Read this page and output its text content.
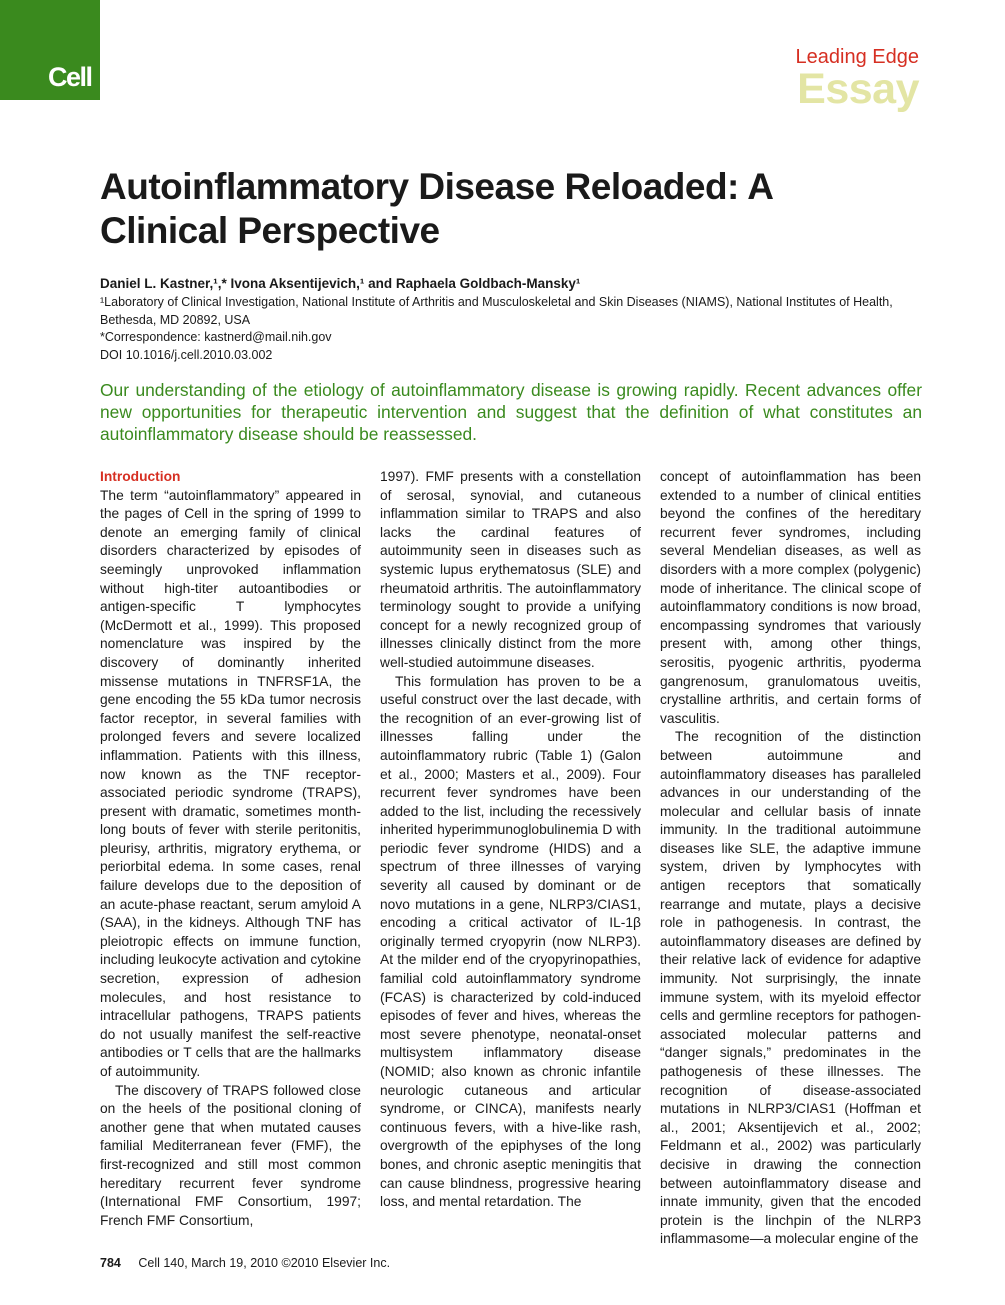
Cell
Leading Edge
Essay
Autoinflammatory Disease Reloaded: A Clinical Perspective
Daniel L. Kastner,¹,* Ivona Aksentijevich,¹ and Raphaela Goldbach-Mansky¹
¹Laboratory of Clinical Investigation, National Institute of Arthritis and Musculoskeletal and Skin Diseases (NIAMS), National Institutes of Health, Bethesda, MD 20892, USA
*Correspondence: kastnerd@mail.nih.gov
DOI 10.1016/j.cell.2010.03.002
Our understanding of the etiology of autoinflammatory disease is growing rapidly. Recent advances offer new opportunities for therapeutic intervention and suggest that the definition of what constitutes an autoinflammatory disease should be reassessed.
Introduction

The term “autoinflammatory” appeared in the pages of Cell in the spring of 1999 to denote an emerging family of clinical disorders characterized by episodes of seemingly unprovoked inflammation without high-titer autoantibodies or antigen-specific T lymphocytes (McDermott et al., 1999). This proposed nomenclature was inspired by the discovery of dominantly inherited missense mutations in TNFRSF1A, the gene encoding the 55 kDa tumor necrosis factor receptor, in several families with prolonged fevers and severe localized inflammation. Patients with this illness, now known as the TNF receptor-associated periodic syndrome (TRAPS), present with dramatic, sometimes month-long bouts of fever with sterile peritonitis, pleurisy, arthritis, migratory erythema, or periorbital edema. In some cases, renal failure develops due to the deposition of an acute-phase reactant, serum amyloid A (SAA), in the kidneys. Although TNF has pleiotropic effects on immune function, including leukocyte activation and cytokine secretion, expression of adhesion molecules, and host resistance to intracellular pathogens, TRAPS patients do not usually manifest the self-reactive antibodies or T cells that are the hallmarks of autoimmunity.

The discovery of TRAPS followed close on the heels of the positional cloning of another gene that when mutated causes familial Mediterranean fever (FMF), the first-recognized and still most common hereditary recurrent fever syndrome (International FMF Consortium, 1997; French FMF Consortium,

1997). FMF presents with a constellation of serosal, synovial, and cutaneous inflammation similar to TRAPS and also lacks the cardinal features of autoimmunity seen in diseases such as systemic lupus erythematosus (SLE) and rheumatoid arthritis. The autoinflammatory terminology sought to provide a unifying concept for a newly recognized group of illnesses clinically distinct from the more well-studied autoimmune diseases.

This formulation has proven to be a useful construct over the last decade, with the recognition of an ever-growing list of illnesses falling under the autoinflammatory rubric (Table 1) (Galon et al., 2000; Masters et al., 2009). Four recurrent fever syndromes have been added to the list, including the recessively inherited hyperimmunoglobulinemia D with periodic fever syndrome (HIDS) and a spectrum of three illnesses of varying severity all caused by dominant or de novo mutations in a gene, NLRP3/CIAS1, encoding a critical activator of IL-1β originally termed cryopyrin (now NLRP3). At the milder end of the cryopyrinopathies, familial cold autoinflammatory syndrome (FCAS) is characterized by cold-induced episodes of fever and hives, whereas the most severe phenotype, neonatal-onset multisystem inflammatory disease (NOMID; also known as chronic infantile neurologic cutaneous and articular syndrome, or CINCA), manifests nearly continuous fevers, with a hive-like rash, overgrowth of the epiphyses of the long bones, and chronic aseptic meningitis that can cause blindness, progressive hearing loss, and mental retardation. The

concept of autoinflammation has been extended to a number of clinical entities beyond the confines of the hereditary recurrent fever syndromes, including several Mendelian diseases, as well as disorders with a more complex (polygenic) mode of inheritance. The clinical scope of autoinflammatory conditions is now broad, encompassing syndromes that variously present with, among other things, serositis, pyogenic arthritis, pyoderma gangrenosum, granulomatous uveitis, crystalline arthritis, and certain forms of vasculitis.

The recognition of the distinction between autoimmune and autoinflammatory diseases has paralleled advances in our understanding of the molecular and cellular basis of innate immunity. In the traditional autoimmune diseases like SLE, the adaptive immune system, driven by lymphocytes with antigen receptors that somatically rearrange and mutate, plays a decisive role in pathogenesis. In contrast, the autoinflammatory diseases are defined by their relative lack of evidence for adaptive immunity. Not surprisingly, the innate immune system, with its myeloid effector cells and germline receptors for pathogen-associated molecular patterns and “danger signals,” predominates in the pathogenesis of these illnesses. The recognition of disease-associated mutations in NLRP3/CIAS1 (Hoffman et al., 2001; Aksentijevich et al., 2002; Feldmann et al., 2002) was particularly decisive in drawing the connection between autoinflammatory disease and innate immunity, given that the encoded protein is the linchpin of the NLRP3 inflammasome—a molecular engine of the

784 Cell 140, March 19, 2010 ©2010 Elsevier Inc.
